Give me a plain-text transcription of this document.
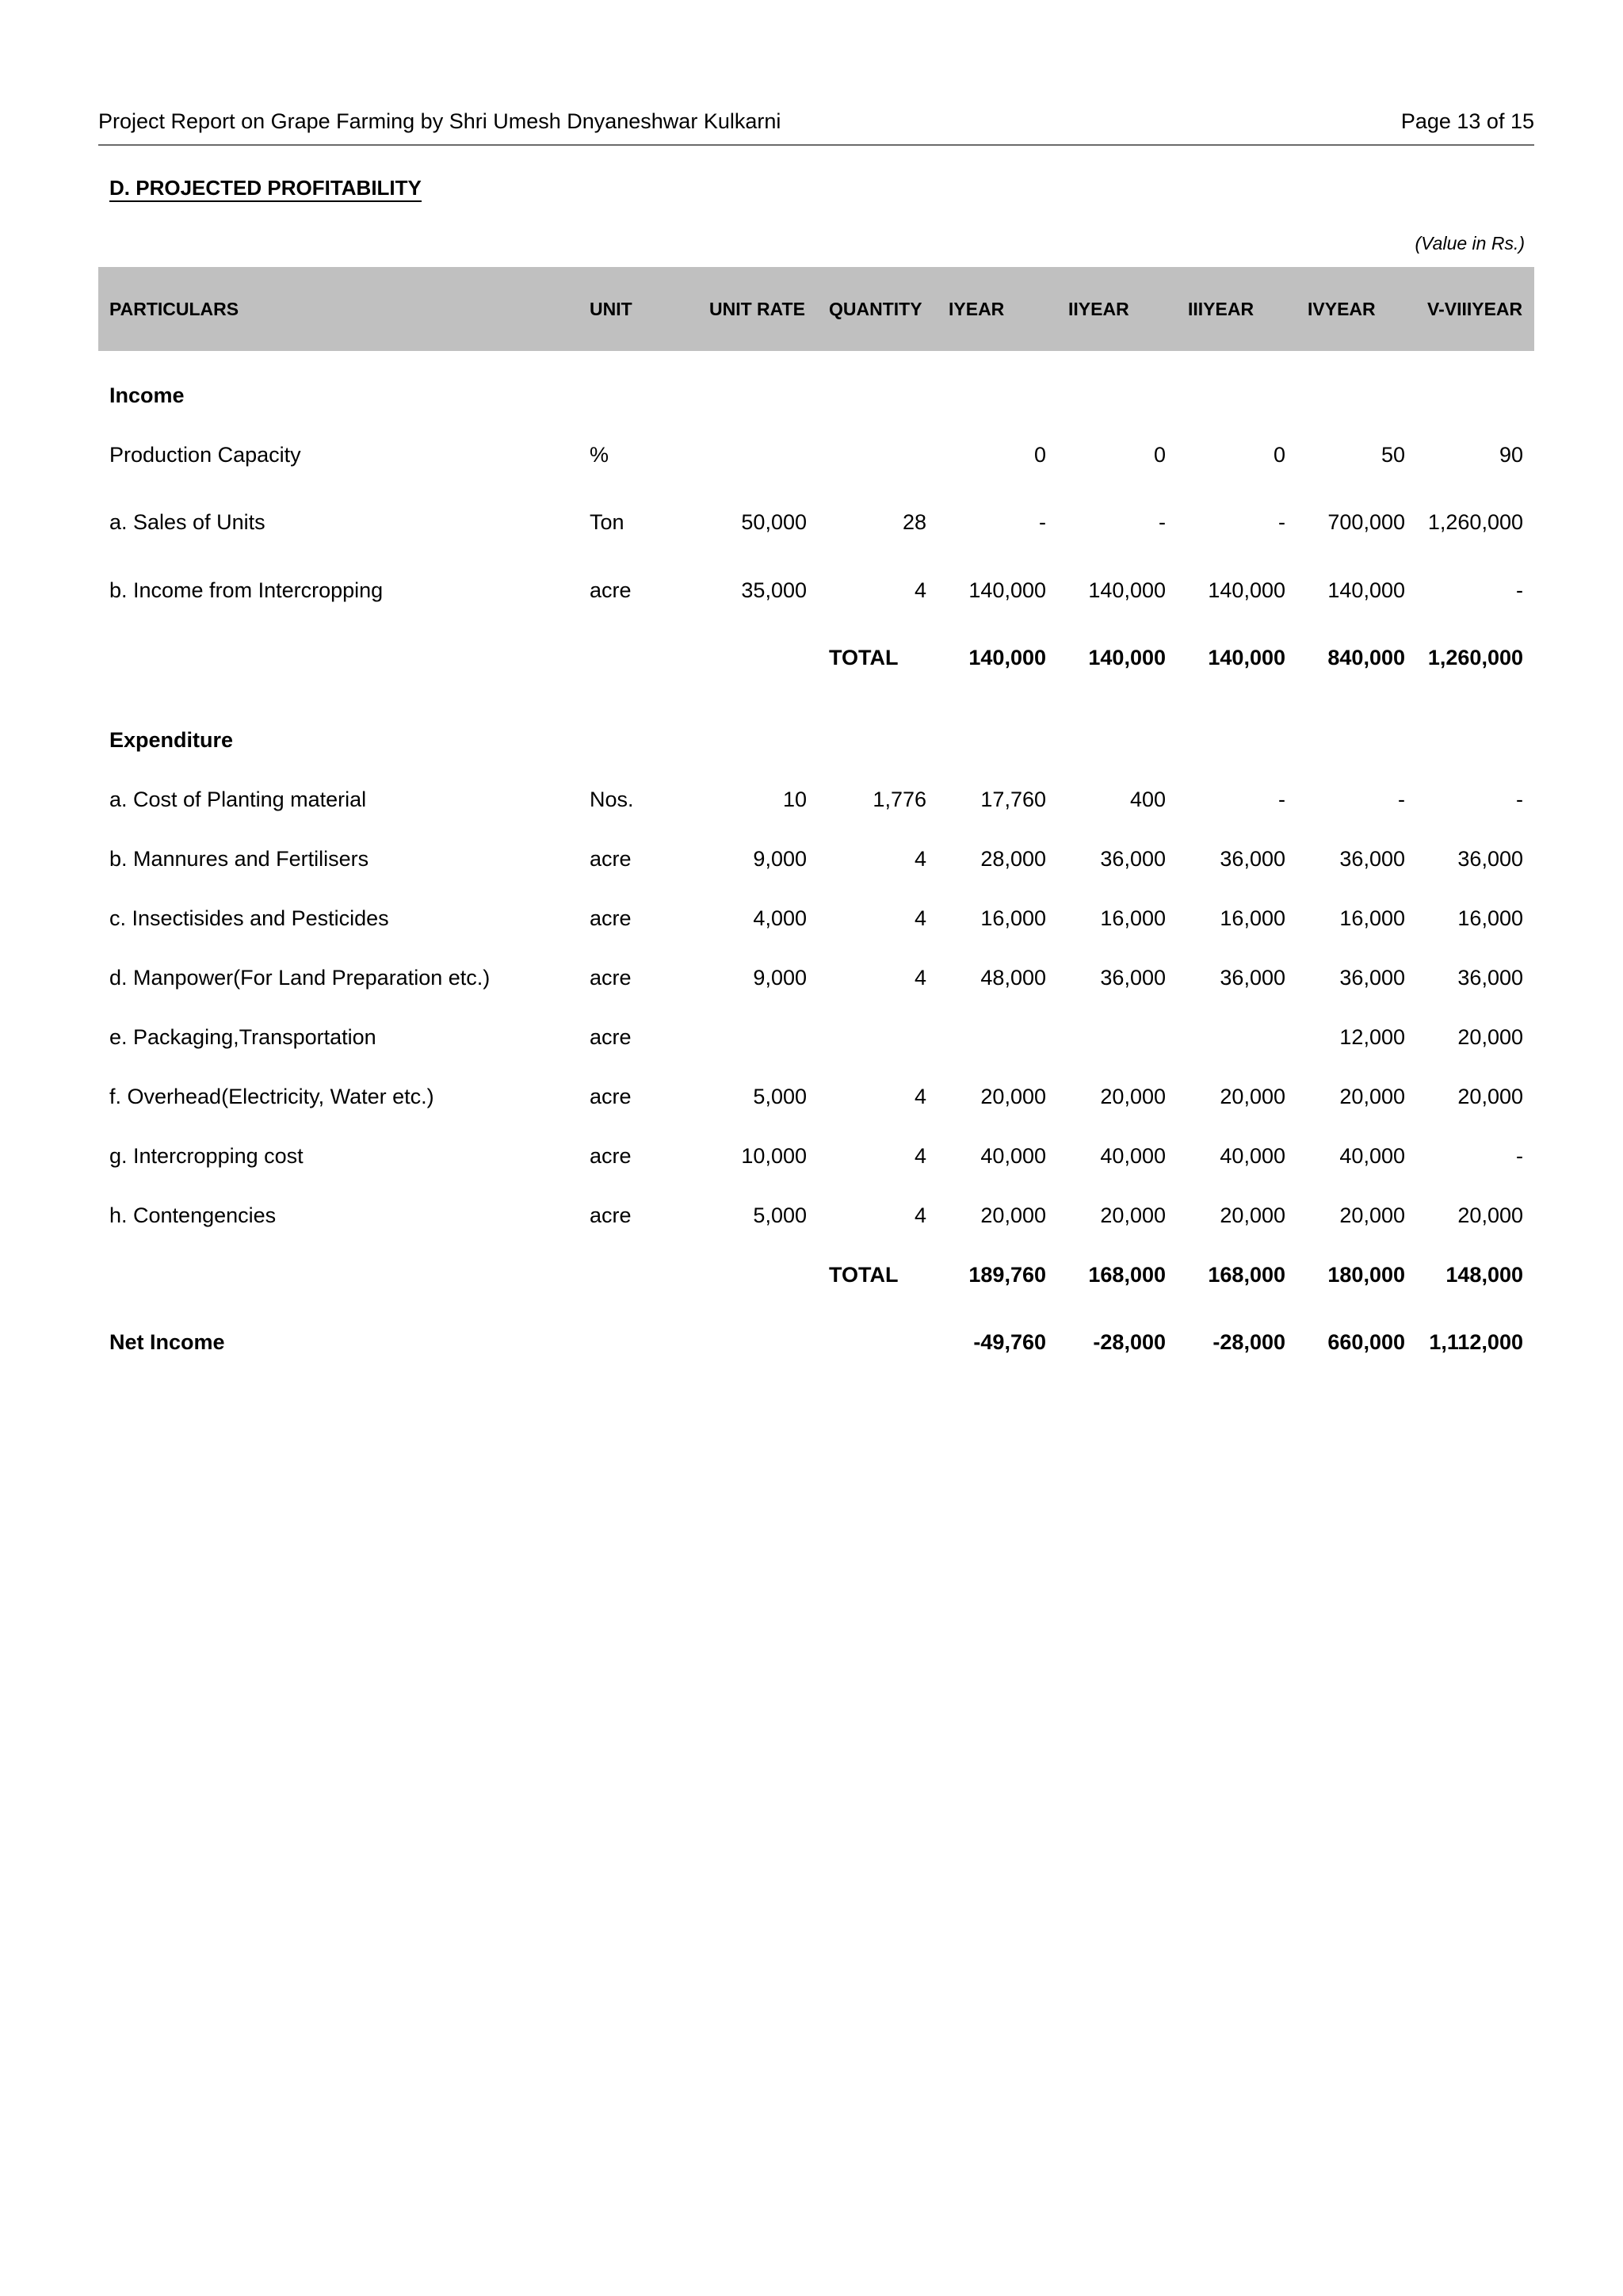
Project Report on Grape Farming by Shri Umesh Dnyaneshwar Kulkarni	Page 13 of 15
D. PROJECTED PROFITABILITY
(Value in Rs.)
PARTICULARS	UNIT	UNIT RATE	QUANTITY	IYEAR	IIYEAR	IIIYEAR	IVYEAR	V-VIIIYEAR
Income								
Production Capacity	%			0	0	0	50	90
a. Sales of Units	Ton	50,000	28	-	-	-	700,000	1,260,000
b. Income from Intercropping	acre	35,000	4	140,000	140,000	140,000	140,000	-
			TOTAL	140,000	140,000	140,000	840,000	1,260,000
Expenditure								
a. Cost of Planting material	Nos.	10	1,776	17,760	400	-	-	-
b. Mannures and Fertilisers	acre	9,000	4	28,000	36,000	36,000	36,000	36,000
c. Insectisides and Pesticides	acre	4,000	4	16,000	16,000	16,000	16,000	16,000
d. Manpower(For Land Preparation etc.)	acre	9,000	4	48,000	36,000	36,000	36,000	36,000
e. Packaging,Transportation	acre						12,000	20,000
f. Overhead(Electricity, Water etc.)	acre	5,000	4	20,000	20,000	20,000	20,000	20,000
g. Intercropping cost	acre	10,000	4	40,000	40,000	40,000	40,000	-
h. Contengencies	acre	5,000	4	20,000	20,000	20,000	20,000	20,000
			TOTAL	189,760	168,000	168,000	180,000	148,000
Net Income				-49,760	-28,000	-28,000	660,000	1,112,000
